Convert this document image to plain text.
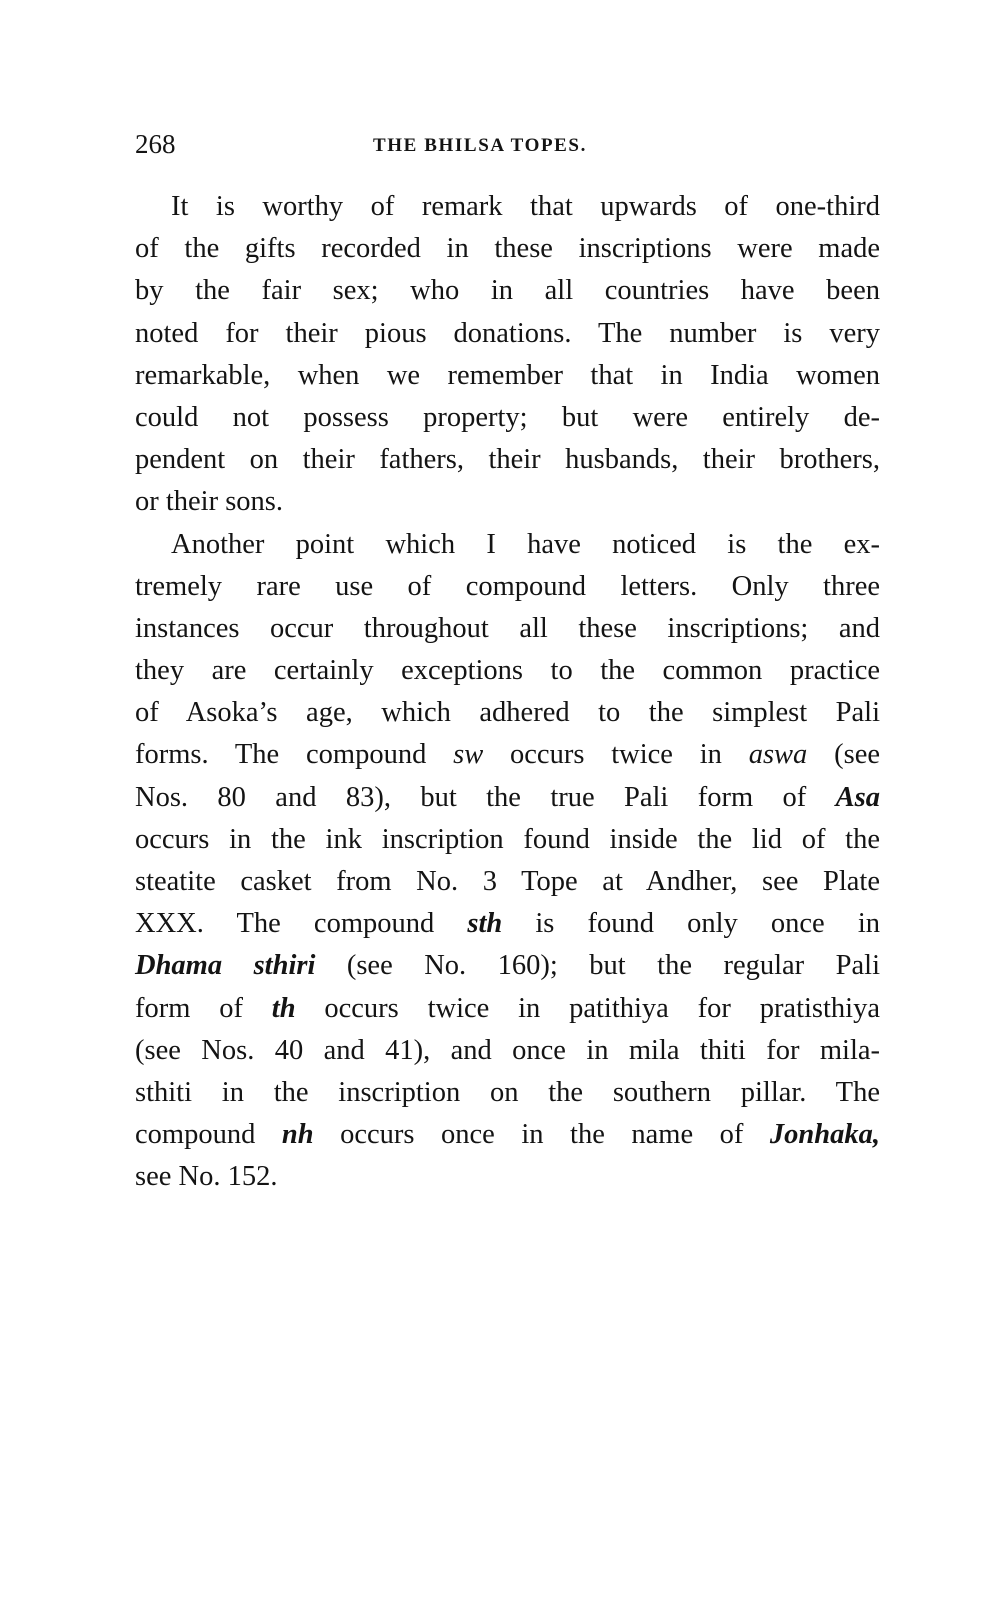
268	THE BHILSA TOPES.
It is worthy of remark that upwards of one-third
of the gifts recorded in these inscriptions were made
by the fair sex; who in all countries have been
noted for their pious donations. The number is very
remarkable, when we remember that in India women
could not possess property; but were entirely de-
pendent on their fathers, their husbands, their brothers,
or their sons.
Another point which I have noticed is the ex-
tremely rare use of compound letters. Only three
instances occur throughout all these inscriptions; and
they are certainly exceptions to the common practice
of Asoka’s age, which adhered to the simplest Pali
forms. The compound sw occurs twice in aswa (see
Nos. 80 and 83), but the true Pali form of Asa
occurs in the ink inscription found inside the lid of the
steatite casket from No. 3 Tope at Andher, see Plate
XXX. The compound sth is found only once in
Dhama sthiri (see No. 160); but the regular Pali
form of th occurs twice in patithiya for pratisthiya
(see Nos. 40 and 41), and once in mila thiti for mila-
sthiti in the inscription on the southern pillar. The
compound nh occurs once in the name of Jonhaka,
see No. 152.
